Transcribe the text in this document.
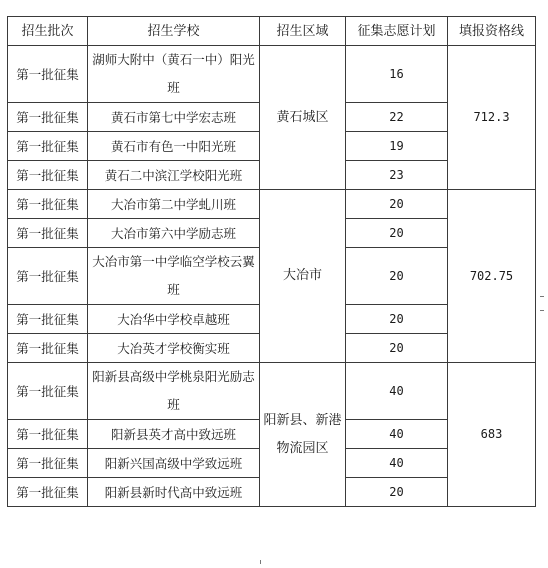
招生批次	招生学校	招生区域	征集志愿计划	填报资格线
第一批征集	湖师大附中（黄石一中）阳光班	黄石城区	16	712.3
第一批征集	黄石市第七中学宏志班		22	
第一批征集	黄石市有色一中阳光班		19	
第一批征集	黄石二中滨江学校阳光班		23	
第一批征集	大冶市第二中学虬川班	大冶市	20	702.75
第一批征集	大冶市第六中学励志班		20	
第一批征集	大冶市第一中学临空学校云翼班		20	
第一批征集	大冶华中学校卓越班		20	
第一批征集	大冶英才学校衡实班		20	
第一批征集	阳新县高级中学桃泉阳光励志班	阳新县、新港物流园区	40	683
第一批征集	阳新县英才高中致远班		40	
第一批征集	阳新兴国高级中学致远班		40	
第一批征集	阳新县新时代高中致远班		20	
